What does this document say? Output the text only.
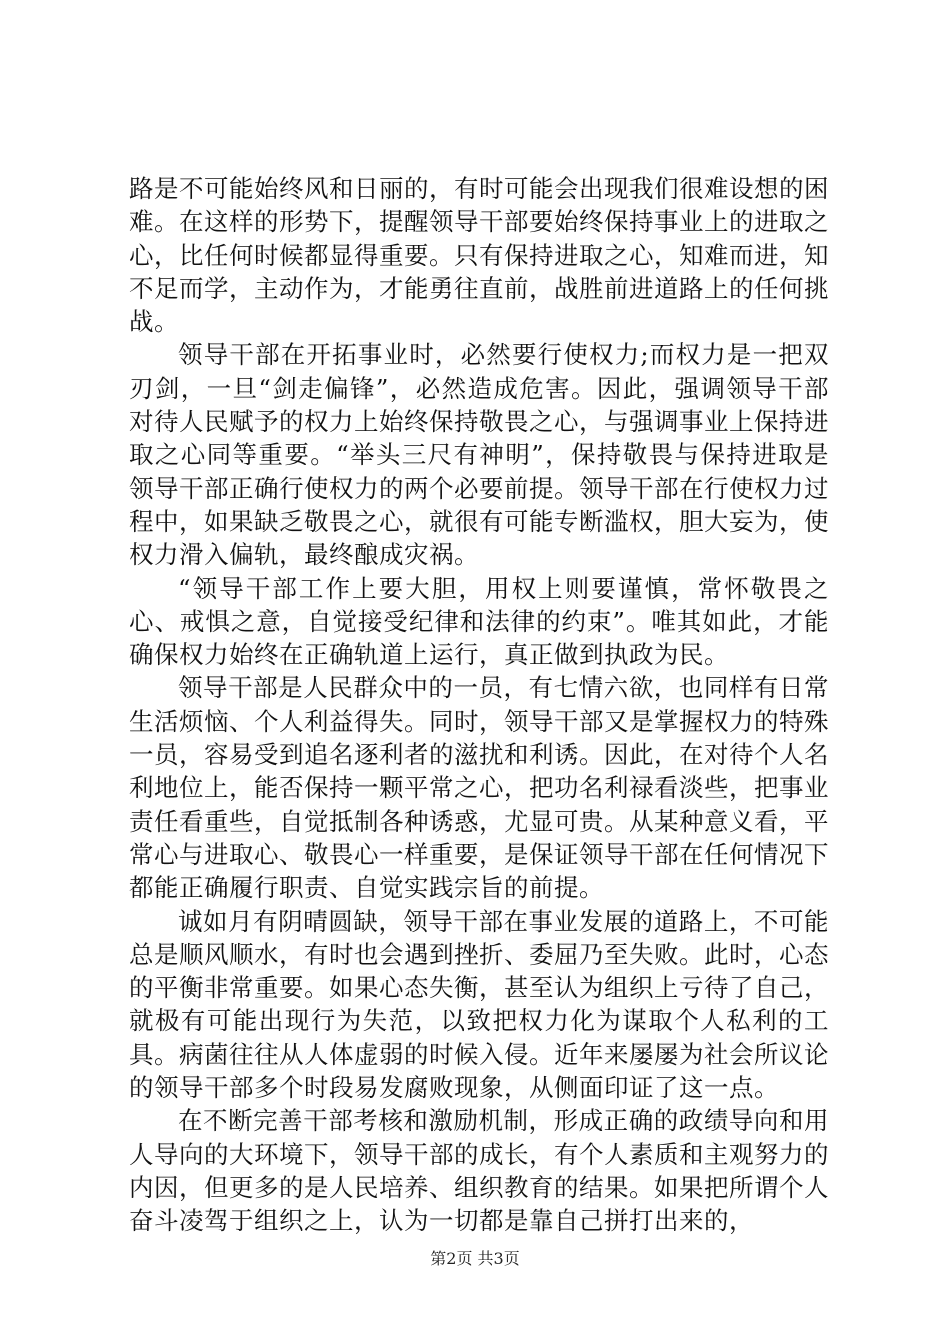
路是不可能始终风和日丽的，有时可能会出现我们很难设想的困难。在这样的形势下，提醒领导干部要始终保持事业上的进取之心，比任何时候都显得重要。只有保持进取之心，知难而进，知不足而学，主动作为，才能勇往直前，战胜前进道路上的任何挑战。

领导干部在开拓事业时，必然要行使权力;而权力是一把双刃剑，一旦“剑走偏锋”，必然造成危害。因此，强调领导干部对待人民赋予的权力上始终保持敬畏之心，与强调事业上保持进取之心同等重要。“举头三尺有神明”，保持敬畏与保持进取是领导干部正确行使权力的两个必要前提。领导干部在行使权力过程中，如果缺乏敬畏之心，就很有可能专断滥权，胆大妄为，使权力滑入偏轨，最终酿成灾祸。

“领导干部工作上要大胆，用权上则要谨慎，常怀敬畏之心、戒惧之意，自觉接受纪律和法律的约束”。唯其如此，才能确保权力始终在正确轨道上运行，真正做到执政为民。

领导干部是人民群众中的一员，有七情六欲，也同样有日常生活烦恼、个人利益得失。同时，领导干部又是掌握权力的特殊一员，容易受到追名逐利者的滋扰和利诱。因此，在对待个人名利地位上，能否保持一颗平常之心，把功名利禄看淡些，把事业责任看重些，自觉抵制各种诱惑，尤显可贵。从某种意义看，平常心与进取心、敬畏心一样重要，是保证领导干部在任何情况下都能正确履行职责、自觉实践宗旨的前提。

诚如月有阴晴圆缺，领导干部在事业发展的道路上，不可能总是顺风顺水，有时也会遇到挫折、委屈乃至失败。此时，心态的平衡非常重要。如果心态失衡，甚至认为组织上亏待了自己，就极有可能出现行为失范，以致把权力化为谋取个人私利的工具。病菌往往从人体虚弱的时候入侵。近年来屡屡为社会所议论的领导干部多个时段易发腐败现象，从侧面印证了这一点。

在不断完善干部考核和激励机制，形成正确的政绩导向和用人导向的大环境下，领导干部的成长，有个人素质和主观努力的内因，但更多的是人民培养、组织教育的结果。如果把所谓个人奋斗凌驾于组织之上，认为一切都是靠自己拼打出来的，

第2页 共3页
